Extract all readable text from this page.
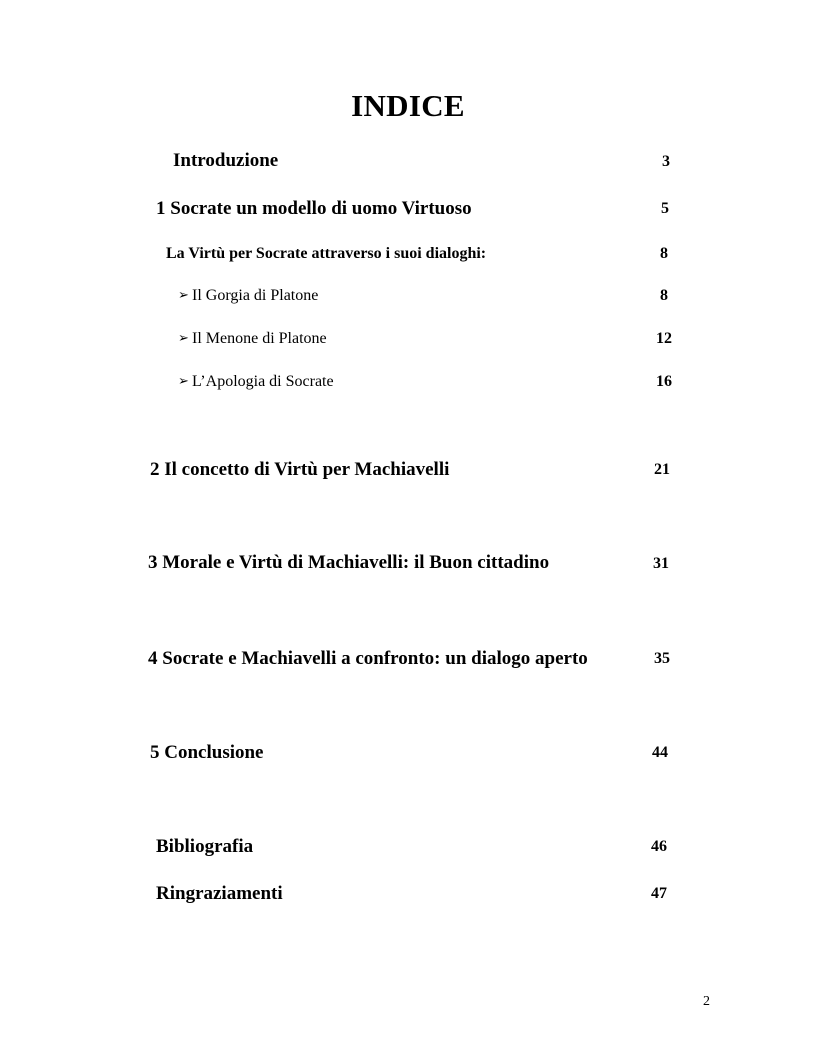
INDICE
Introduzione	3
1 Socrate un modello di uomo Virtuoso	5
La Virtù per Socrate attraverso i suoi dialoghi:	8
➢ Il Gorgia di Platone	8
➢ Il Menone di Platone	12
➢ L’Apologia di Socrate	16
2 Il concetto di Virtù per Machiavelli	21
3 Morale e Virtù di Machiavelli: il Buon cittadino	31
4 Socrate e Machiavelli a confronto: un dialogo aperto	35
5 Conclusione	44
Bibliografia	46
Ringraziamenti	47
2
